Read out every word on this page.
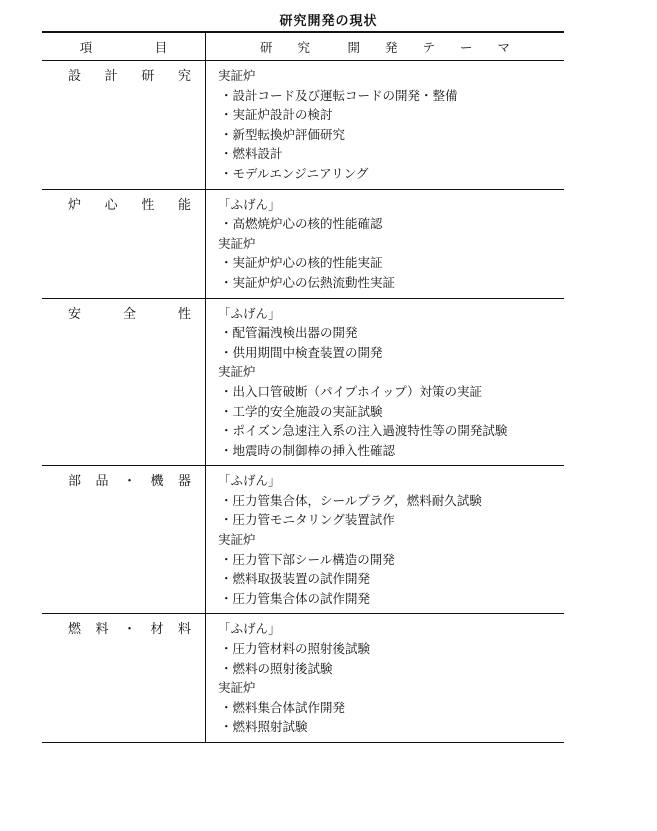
研究開発の現状
項　　　　　目	研　　究　　　開　　発　　テ　　ー　　マ
設計研究	実証炉
・設計コード及び運転コードの開発・整備
・実証炉設計の検討
・新型転換炉評価研究
・燃料設計
・モデルエンジニアリング
炉心性能	「ふげん」
・高燃焼炉心の核的性能確認
実証炉
・実証炉炉心の核的性能実証
・実証炉炉心の伝熱流動性実証
安全性	「ふげん」
・配管漏洩検出器の開発
・供用期間中検査装置の開発
実証炉
・出入口管破断（パイプホイップ）対策の実証
・工学的安全施設の実証試験
・ポイズン急速注入系の注入過渡特性等の開発試験
・地震時の制御棒の挿入性確認
部品・機器	「ふげん」
・圧力管集合体，シールプラグ，燃料耐久試験
・圧力管モニタリング装置試作
実証炉
・圧力管下部シール構造の開発
・燃料取扱装置の試作開発
・圧力管集合体の試作開発
燃料・材料	「ふげん」
・圧力管材料の照射後試験
・燃料の照射後試験
実証炉
・燃料集合体試作開発
・燃料照射試験
